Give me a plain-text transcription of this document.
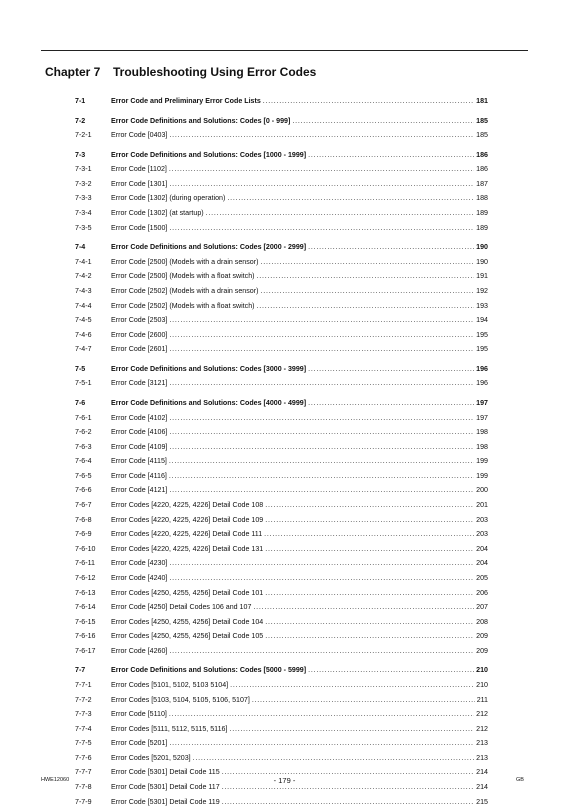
Chapter 7 Troubleshooting Using Error Codes
7-1	Error Code and Preliminary Error Code Lists . . .	181
7-2	Error Code Definitions and Solutions: Codes [0 - 999] . . .	185
7-2-1	Error Code [0403] . . .	185
7-3	Error Code Definitions and Solutions: Codes [1000 - 1999] . . .	186
7-3-1	Error Code [1102] . . .	186
7-3-2	Error Code [1301] . . .	187
7-3-3	Error Code [1302] (during operation) . . .	188
7-3-4	Error Code [1302] (at startup) . . .	189
7-3-5	Error Code [1500] . . .	189
7-4	Error Code Definitions and Solutions: Codes [2000 - 2999] . . .	190
7-4-1	Error Code [2500] (Models with a drain sensor) . . .	190
7-4-2	Error Code [2500] (Models with a float switch) . . .	191
7-4-3	Error Code [2502] (Models with a drain sensor) . . .	192
7-4-4	Error Code [2502] (Models with a float switch) . . .	193
7-4-5	Error Code [2503] . . .	194
7-4-6	Error Code [2600] . . .	195
7-4-7	Error Code [2601] . . .	195
7-5	Error Code Definitions and Solutions: Codes [3000 - 3999] . . .	196
7-5-1	Error Code [3121] . . .	196
7-6	Error Code Definitions and Solutions: Codes [4000 - 4999] . . .	197
7-6-1	Error Code [4102] . . .	197
7-6-2	Error Code [4106] . . .	198
7-6-3	Error Code [4109] . . .	198
7-6-4	Error Code [4115] . . .	199
7-6-5	Error Code [4116] . . .	199
7-6-6	Error Code [4121] . . .	200
7-6-7	Error Codes [4220, 4225, 4226] Detail Code 108 . . .	201
7-6-8	Error Codes [4220, 4225, 4226] Detail Code 109 . . .	203
7-6-9	Error Codes [4220, 4225, 4226] Detail Code 111 . . .	203
7-6-10	Error Codes [4220, 4225, 4226] Detail Code 131 . . .	204
7-6-11	Error Code [4230] . . .	204
7-6-12	Error Code [4240] . . .	205
7-6-13	Error Codes [4250, 4255, 4256] Detail Code 101 . . .	206
7-6-14	Error Code [4250] Detail Codes 106 and 107 . . .	207
7-6-15	Error Codes [4250, 4255, 4256] Detail Code 104 . . .	208
7-6-16	Error Codes [4250, 4255, 4256] Detail Code 105 . . .	209
7-6-17	Error Code [4260] . . .	209
7-7	Error Code Definitions and Solutions: Codes [5000 - 5999] . . .	210
7-7-1	Error Codes [5101, 5102, 5103 5104] . . .	210
7-7-2	Error Codes [5103, 5104, 5105, 5106, 5107] . . .	211
7-7-3	Error Code [5110] . . .	212
7-7-4	Error Codes [5111, 5112, 5115, 5116] . . .	212
7-7-5	Error Code [5201] . . .	213
7-7-6	Error Codes [5201, 5203] . . .	213
7-7-7	Error Code [5301] Detail Code 115 . . .	214
7-7-8	Error Code [5301] Detail Code 117 . . .	214
7-7-9	Error Code [5301] Detail Code 119 . . .	215
HWE12060	- 179 -	GB
